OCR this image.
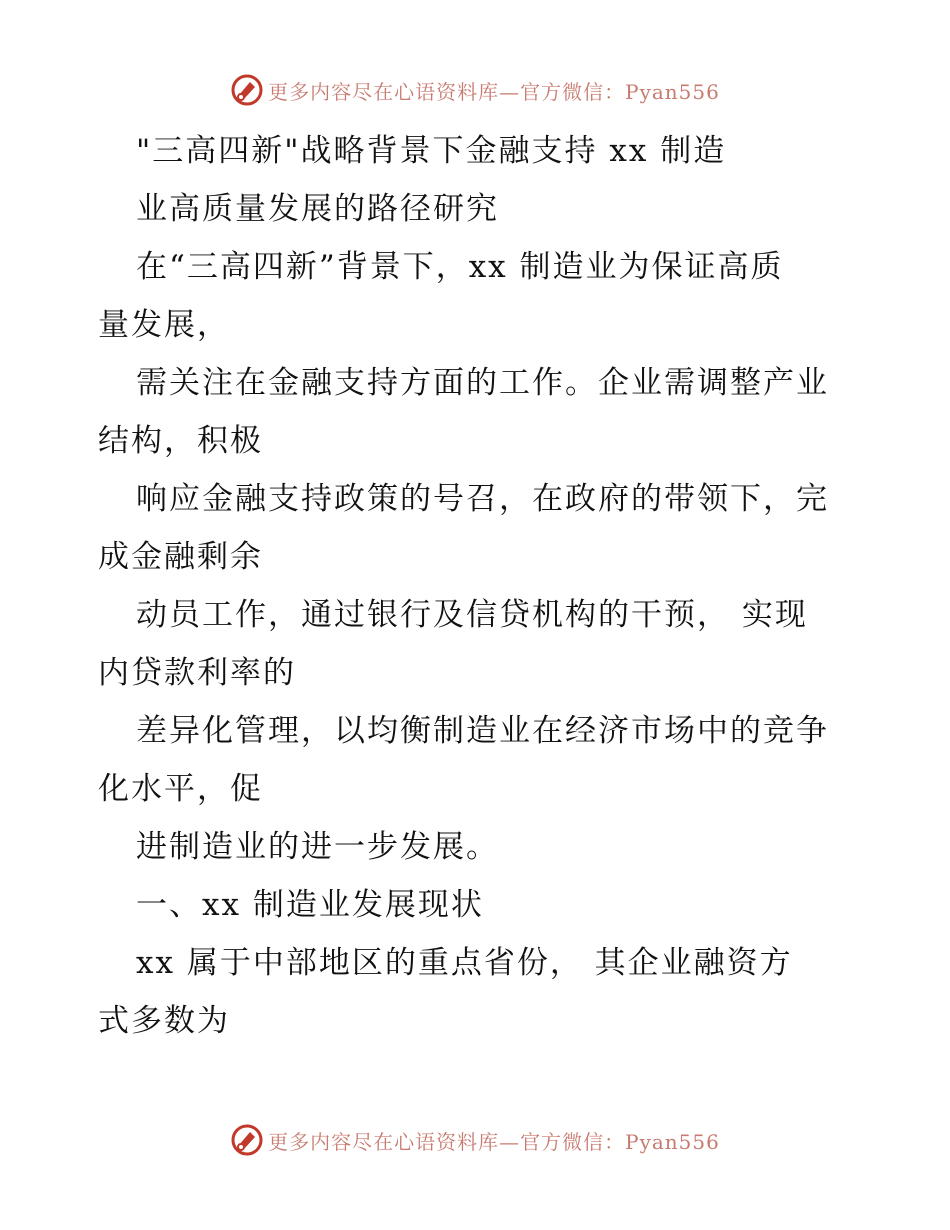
更多内容尽在心语资料库—官方微信：Pyan556
"三高四新"战略背景下金融支持 xx 制造
业高质量发展的路径研究
在“三高四新”背景下，xx 制造业为保证高质
量发展，
需关注在金融支持方面的工作。企业需调整产业
结构，积极
响应金融支持政策的号召，在政府的带领下，完
成金融剩余
动员工作，通过银行及信贷机构的干预， 实现
内贷款利率的
差异化管理，以均衡制造业在经济市场中的竞争
化水平，促
进制造业的进一步发展。
一、xx 制造业发展现状
xx 属于中部地区的重点省份， 其企业融资方
式多数为
更多内容尽在心语资料库—官方微信：Pyan556
